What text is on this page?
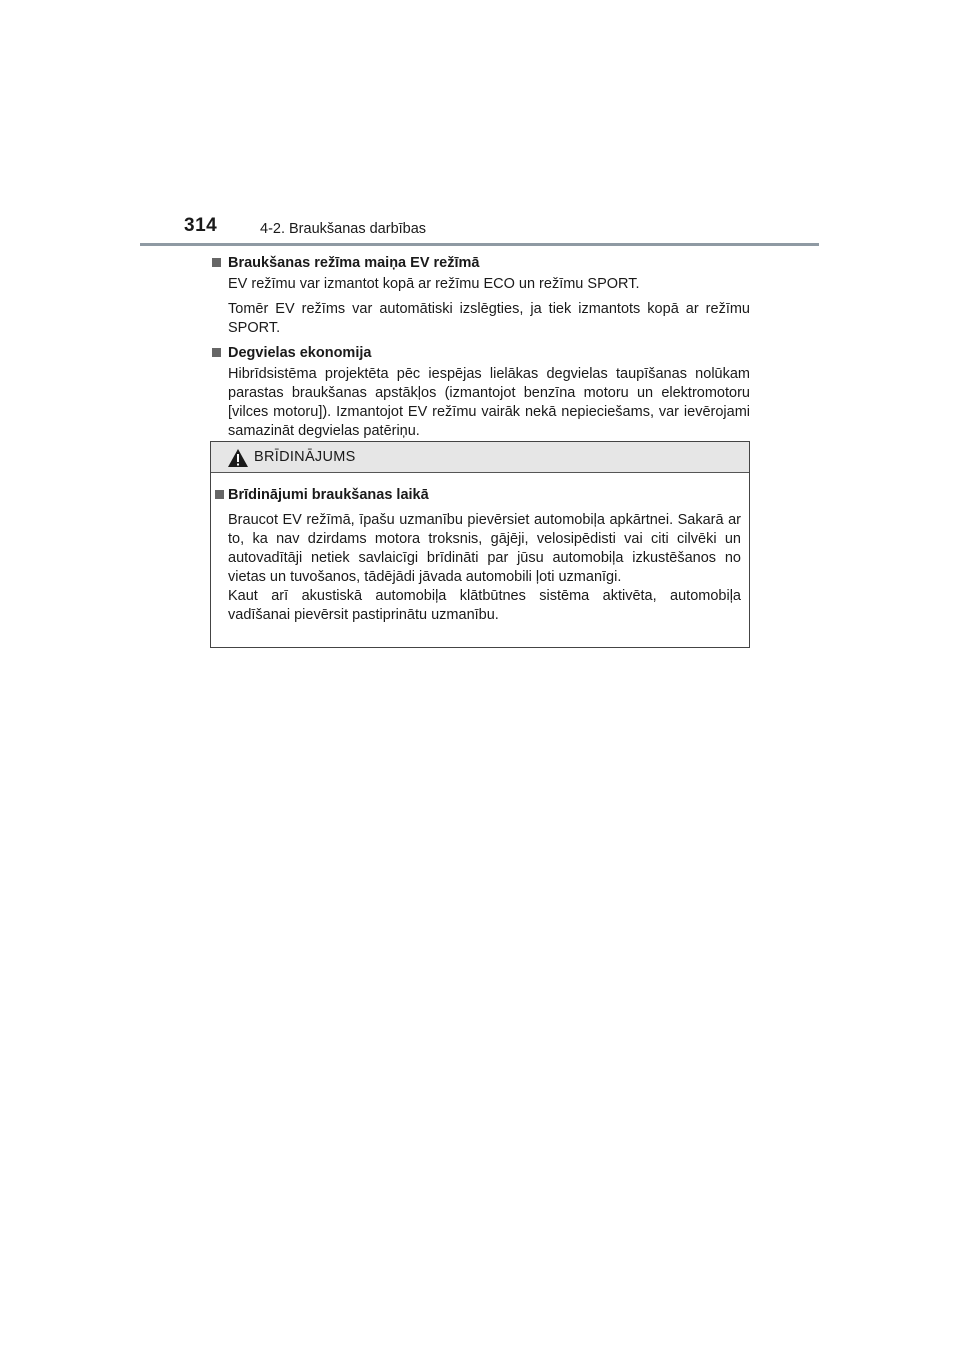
314	4-2. Braukšanas darbības
Braukšanas režīma maiņa EV režīmā
EV režīmu var izmantot kopā ar režīmu ECO un režīmu SPORT.
Tomēr EV režīms var automātiski izslēgties, ja tiek izmantots kopā ar režīmu SPORT.
Degvielas ekonomija
Hibrīdsistēma projektēta pēc iespējas lielākas degvielas taupīšanas nolūkam parastas braukšanas apstākļos (izmantojot benzīna motoru un elektromotoru [vilces motoru]). Izmantojot EV režīmu vairāk nekā nepieciešams, var ievērojami samazināt degvielas patēriņu.
BRĪDINĀJUMS
Brīdinājumi braukšanas laikā
Braucot EV režīmā, īpašu uzmanību pievērsiet automobiļa apkārtnei. Sakarā ar to, ka nav dzirdams motora troksnis, gājēji, velosipēdisti vai citi cilvēki un autovadītāji netiek savlaicīgi brīdināti par jūsu automobiļa izkustēšanos no vietas un tuvošanos, tādējādi jāvada automobili ļoti uzmanīgi.
Kaut arī akustiskā automobiļa klātbūtnes sistēma aktivēta, automobiļa vadīšanai pievērsit pastiprinātu uzmanību.
